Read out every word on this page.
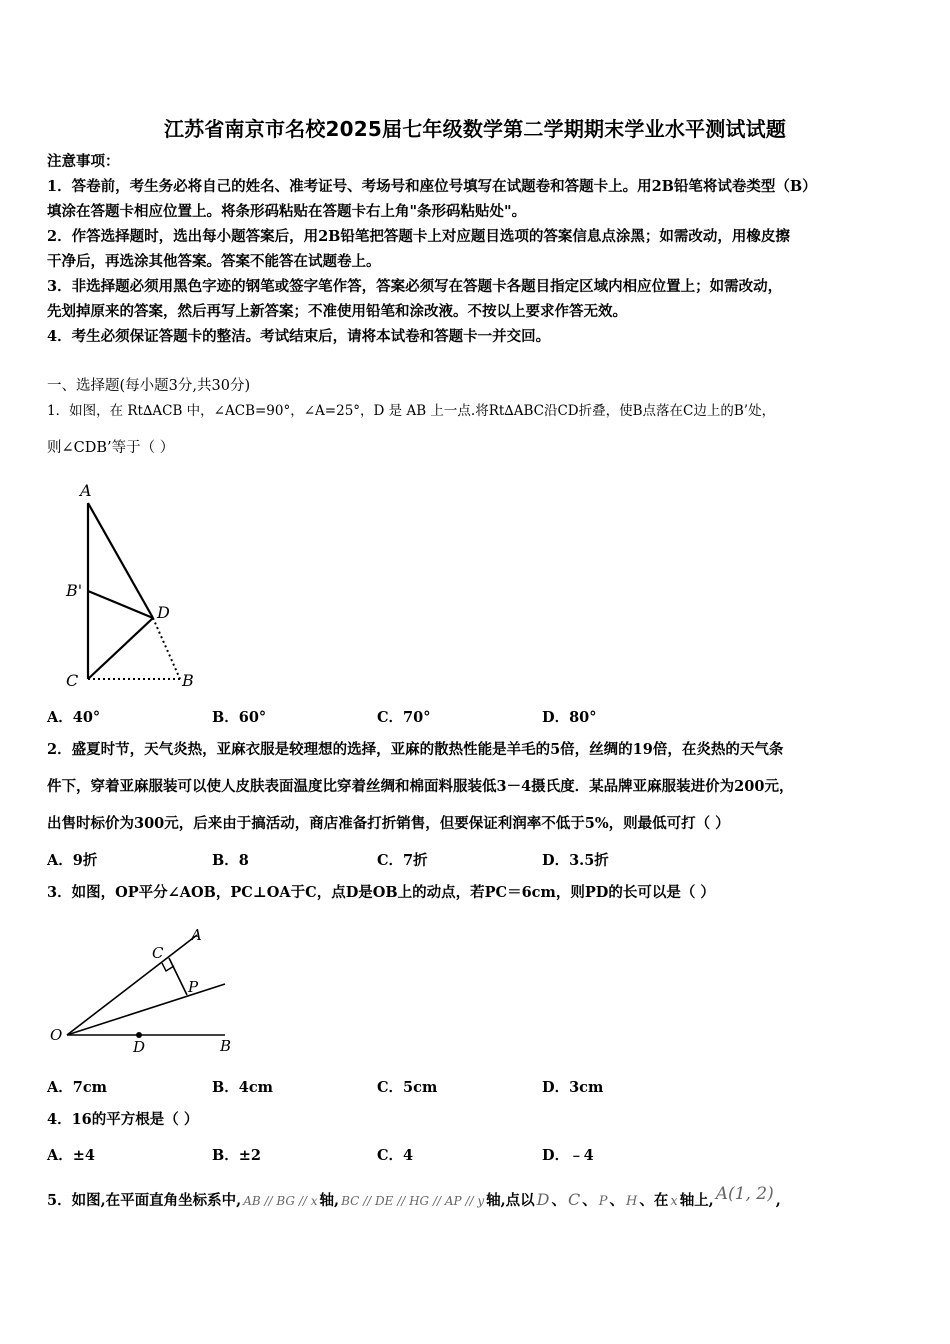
江苏省南京市名校2025届七年级数学第二学期期末学业水平测试试题
注意事项：
1．答卷前，考生务必将自己的姓名、准考证号、考场号和座位号填写在试题卷和答题卡上。用2B铅笔将试卷类型（B）
填涂在答题卡相应位置上。将条形码粘贴在答题卡右上角"条形码粘贴处"。
2．作答选择题时，选出每小题答案后，用2B铅笔把答题卡上对应题目选项的答案信息点涂黑；如需改动，用橡皮擦
干净后，再选涂其他答案。答案不能答在试题卷上。
3．非选择题必须用黑色字迹的钢笔或签字笔作答，答案必须写在答题卡各题目指定区域内相应位置上；如需改动，
先划掉原来的答案，然后再写上新答案；不准使用铅笔和涂改液。不按以上要求作答无效。
4．考生必须保证答题卡的整洁。考试结束后，请将本试卷和答题卡一并交回。
一、选择题(每小题3分,共30分)
1．如图，在 Rt∆ACB 中，∠ACB=90°，∠A=25°，D 是 AB 上一点.将Rt∆ABC沿CD折叠，使B点落在C边上的B’处，
则∠CDB’等于（ ）
A
B'
C
D
B
A．40°	B．60°	C．70°	D．80°
2．盛夏时节，天气炎热，亚麻衣服是较理想的选择，亚麻的散热性能是羊毛的5倍，丝绸的19倍，在炎热的天气条
件下，穿着亚麻服装可以使人皮肤表面温度比穿着丝绸和棉面料服装低3－4摄氏度．某品牌亚麻服装进价为200元，
出售时标价为300元，后来由于搞活动，商店准备打折销售，但要保证利润率不低于5%，则最低可打（ ）
A．9折	B．8	C．7折	D．3.5折
3．如图，OP平分∠AOB，PC⊥OA于C，点D是OB上的动点，若PC＝6cm，则PD的长可以是（ ）
A
C
P
O
D	B
A．7cm	B．4cm	C．5cm	D．3cm
4．16的平方根是（ ）
A．±4	B．±2	C．4	D．﹣4
5．如图,在平面直角坐标系中, AB // BG // x 轴, BC // DE // HG // AP // y 轴,点以 D 、 C 、 P 、 H 、在 x 轴上, A(1, 2) ,
